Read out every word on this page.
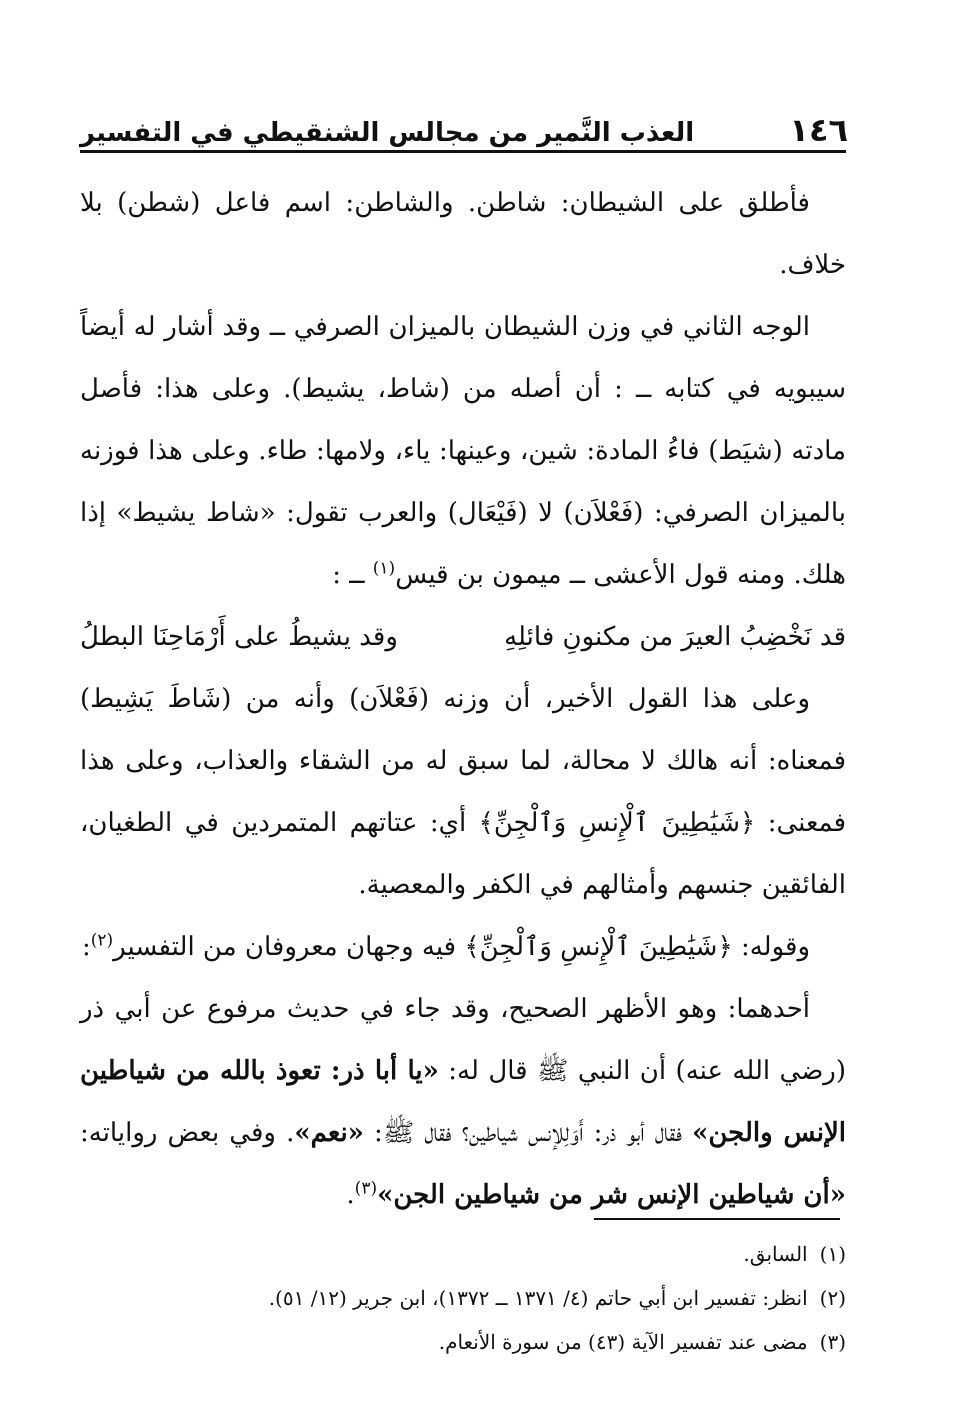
١٤٦
العذب النَّمير من مجالس الشنقيطي في التفسير

فأطلق على الشيطان: شاطن. والشاطن: اسم فاعل (شطن) بلا خلاف.

الوجه الثاني في وزن الشيطان بالميزان الصرفي ــ وقد أشار له أيضاً سيبويه في كتابه ــ : أن أصله من (شاط، يشيط). وعلى هذا: فأصل مادته (شيَط) فاءُ المادة: شين، وعينها: ياء، ولامها: طاء. وعلى هذا فوزنه بالميزان الصرفي: (فَعْلاَن) لا (فَيْعَال) والعرب تقول: «شاط يشيط» إذا هلك. ومنه قول الأعشى ــ ميمون بن قيس$^{(١)}$ ــ :

قد نَخْضِبُ العيرَ من مكنونِ فائلِهِ
وقد يشيطُ على أَرْمَاحِنَا البطلُ

وعلى هذا القول الأخير، أن وزنه (فَعْلاَن) وأنه من (شَاطَ يَشِيط) فمعناه: أنه هالك لا محالة، لما سبق له من الشقاء والعذاب، وعلى هذا فمعنى: ﴿شَيَٰطِينَ ٱلْإِنسِ وَٱلْجِنِّ﴾ أي: عتاتهم المتمردين في الطغيان، الفائقين جنسهم وأمثالهم في الكفر والمعصية.

وقوله: ﴿شَيَٰطِينَ ٱلْإِنسِ وَٱلْجِنِّ﴾ فيه وجهان معروفان من التفسير$^{(٢)}$:

أحدهما: وهو الأظهر الصحيح، وقد جاء في حديث مرفوع عن أبي ذر (رضي الله عنه) أن النبي ﷺ قال له: «يا أبا ذر: تعوذ بالله من شياطين الإنس والجن» فقال أبو ذر: أَوَلِلإنس شياطين؟ فقال ﷺ: «نعم». وفي بعض رواياته: «أن شياطين الإنس شر من شياطين الجن»$^{(٣)}$.

(١)
السابق.
(٢)
انظر: تفسير ابن أبي حاتم (٤/ ١٣٧١ ــ ١٣٧٢)، ابن جرير (١٢/ ٥١).
(٣)
مضى عند تفسير الآية (٤٣) من سورة الأنعام.
